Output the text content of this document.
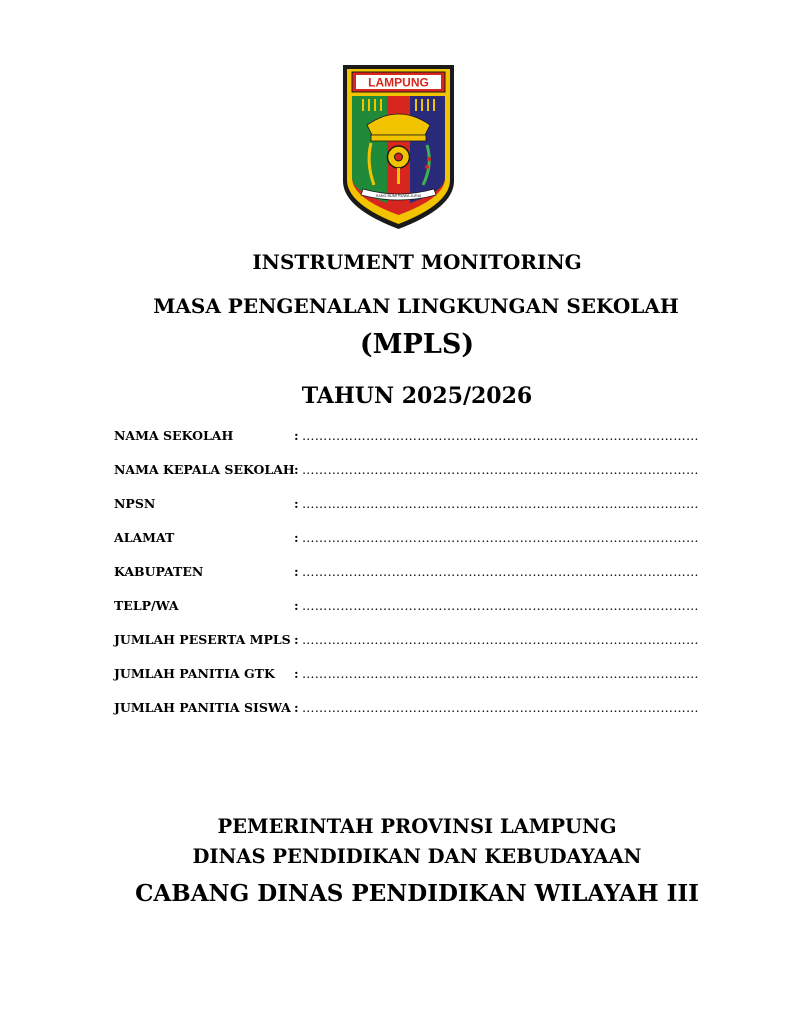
LAMPUNG
SANG BUMI RUWA JURAI
INSTRUMENT MONITORING
MASA PENGENALAN LINGKUNGAN SEKOLAH
(MPLS)
TAHUN 2025/2026
NAMA SEKOLAH	: …………………………………………………………………………………
NAMA KEPALA SEKOLAH : …………………………………………………………………………………
NPSN	: …………………………………………………………………………………
ALAMAT	: …………………………………………………………………………………
KABUPATEN	: …………………………………………………………………………………
TELP/WA	: …………………………………………………………………………………
JUMLAH PESERTA MPLS : …………………………………………………………………………………
JUMLAH PANITIA GTK	: …………………………………………………………………………………
JUMLAH PANITIA SISWA : …………………………………………………………………………………
PEMERINTAH PROVINSI LAMPUNG
DINAS PENDIDIKAN DAN KEBUDAYAAN
CABANG DINAS PENDIDIKAN WILAYAH III
